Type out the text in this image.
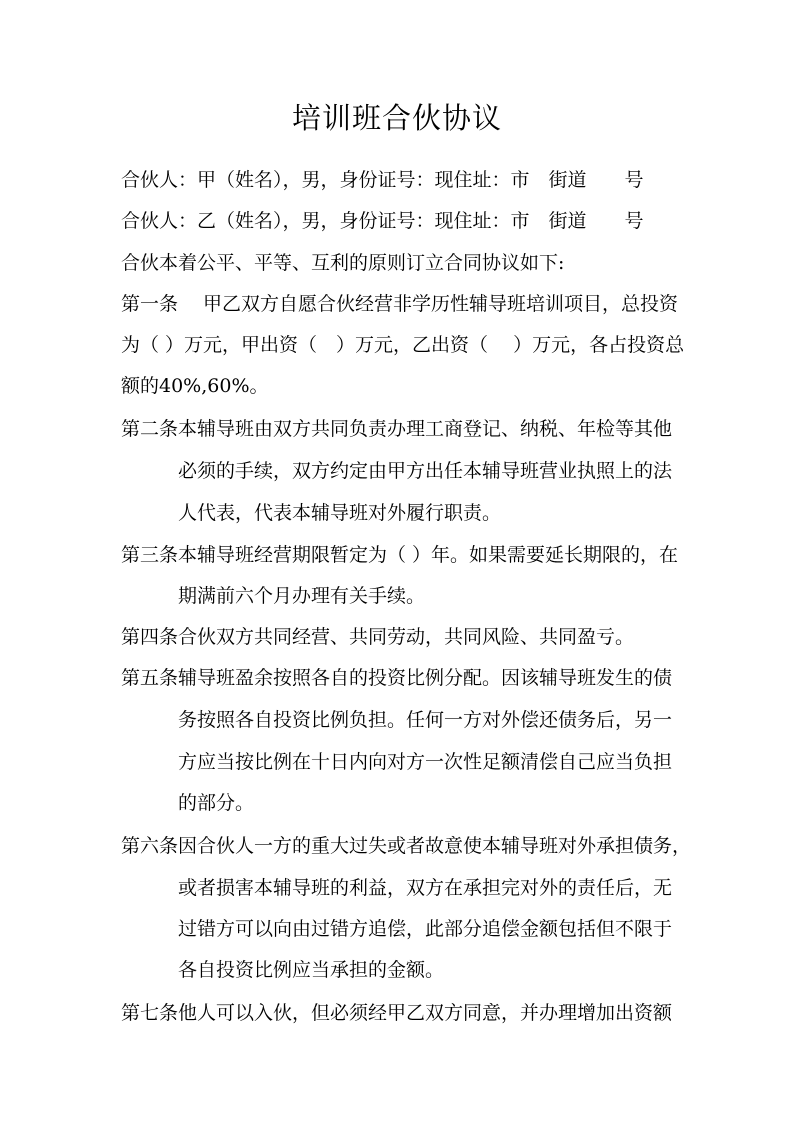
培训班合伙协议
合伙人：甲（姓名），男，身份证号：现住址：市　街道　　号
合伙人：乙（姓名），男，身份证号：现住址：市　街道　　号
合伙本着公平、平等、互利的原则订立合同协议如下:
第一条　 甲乙双方自愿合伙经营非学历性辅导班培训项目，总投资
为（ ）万元，甲出资（　）万元，乙出资（　 ）万元，各占投资总
额的40%,60%。
第二条本辅导班由双方共同负责办理工商登记、纳税、年检等其他
必须的手续，双方约定由甲方出任本辅导班营业执照上的法
人代表，代表本辅导班对外履行职责。
第三条本辅导班经营期限暂定为（ ）年。如果需要延长期限的，在
期满前六个月办理有关手续。
第四条合伙双方共同经营、共同劳动，共同风险、共同盈亏。
第五条辅导班盈余按照各自的投资比例分配。因该辅导班发生的债
务按照各自投资比例负担。任何一方对外偿还债务后，另一
方应当按比例在十日内向对方一次性足额清偿自己应当负担
的部分。
第六条因合伙人一方的重大过失或者故意使本辅导班对外承担债务，
或者损害本辅导班的利益，双方在承担完对外的责任后，无
过错方可以向由过错方追偿，此部分追偿金额包括但不限于
各自投资比例应当承担的金额。
第七条他人可以入伙，但必须经甲乙双方同意，并办理增加出资额
